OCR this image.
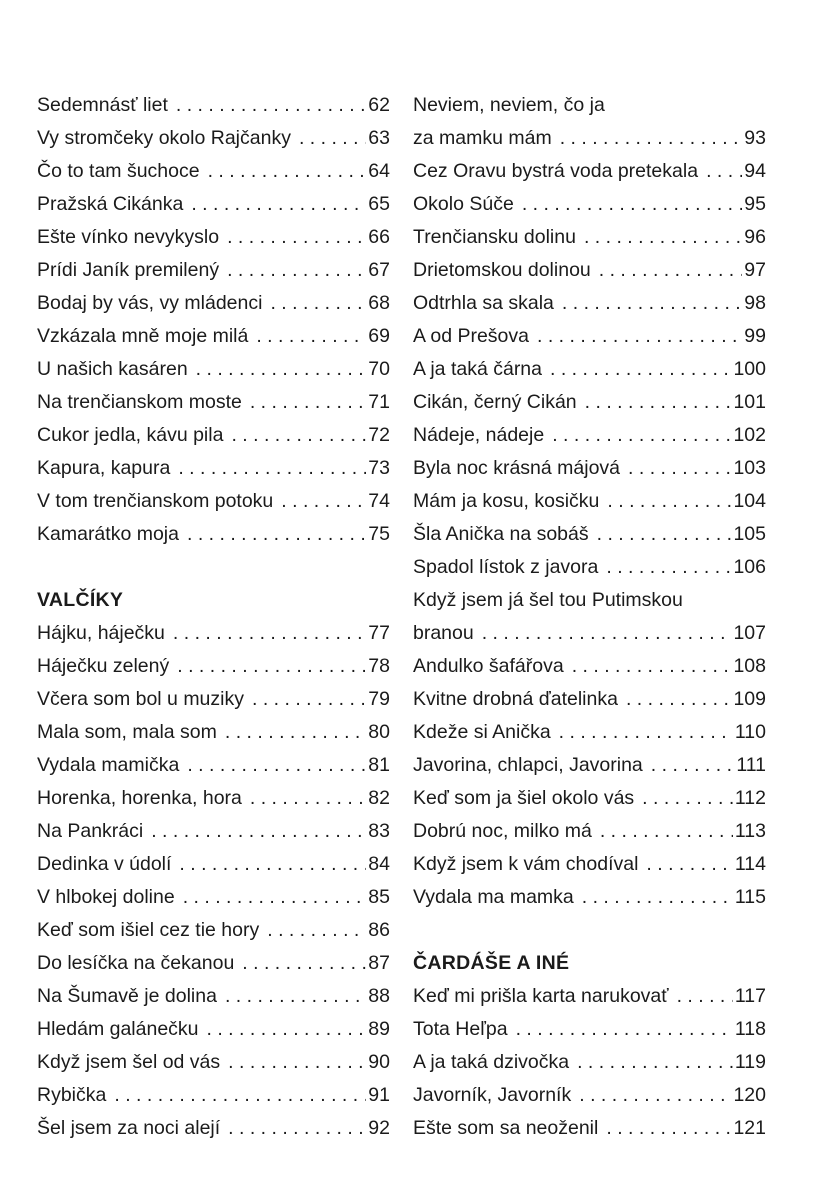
Sedemnásť liet . . .	62
Vy stromčeky okolo Rajčanky . . .	63
Čo to tam šuchoce . . .	64
Pražská Cikánka . . .	65
Ešte vínko nevykyslo . . .	66
Prídi Janík premilený . . .	67
Bodaj by vás, vy mládenci . . .	68
Vzkázala mně moje milá . . .	69
U našich kasáren . . .	70
Na trenčianskom moste . . .	71
Cukor jedla, kávu pila . . .	72
Kapura, kapura . . .	73
V tom trenčianskom potoku . . .	74
Kamarátko moja . . .	75
VALČÍKY
Hájku, háječku . . .	77
Háječku zelený . . .	78
Včera som bol u muziky . . .	79
Mala som, mala som . . .	80
Vydala mamička . . .	81
Horenka, horenka, hora . . .	82
Na Pankráci . . .	83
Dedinka v údolí . . .	84
V hlbokej doline . . .	85
Keď som išiel cez tie hory . . .	86
Do lesíčka na čekanou . . .	87
Na Šumavě je dolina . . .	88
Hledám galánečku . . .	89
Když jsem šel od vás . . .	90
Rybička . . .	91
Šel jsem za noci alejí . . .	92
Neviem, neviem, čo ja
za mamku mám . . .	93
Cez Oravu bystrá voda pretekala . . . 94
Okolo Súče . . .	95
Trenčiansku dolinu . . .	96
Drietomskou dolinou . . .	97
Odtrhla sa skala . . .	98
A od Prešova . . .	99
A ja taká čárna . . .	100
Cikán, černý Cikán . . .	101
Nádeje, nádeje . . .	102
Byla noc krásná májová . . .	103
Mám ja kosu, kosičku . . .	104
Šla Anička na sobáš . . .	105
Spadol lístok z javora . . .	106
Když jsem já šel tou Putimskou
branou . . .	107
Andulko šafářova . . .	108
Kvitne drobná ďatelinka . . .	109
Kdeže si Anička . . .	110
Javorina, chlapci, Javorina . . .	111
Keď som ja šiel okolo vás . . .	112
Dobrú noc, milko má . . .	113
Když jsem k vám chodíval . . .	114
Vydala ma mamka . . .	115
ČARDÁŠE A INÉ
Keď mi prišla karta narukovať . . .	117
Tota Heľpa . . .	118
A ja taká dzivočka . . .	119
Javorník, Javorník . . .	120
Ešte som sa neoženil . . .	121
